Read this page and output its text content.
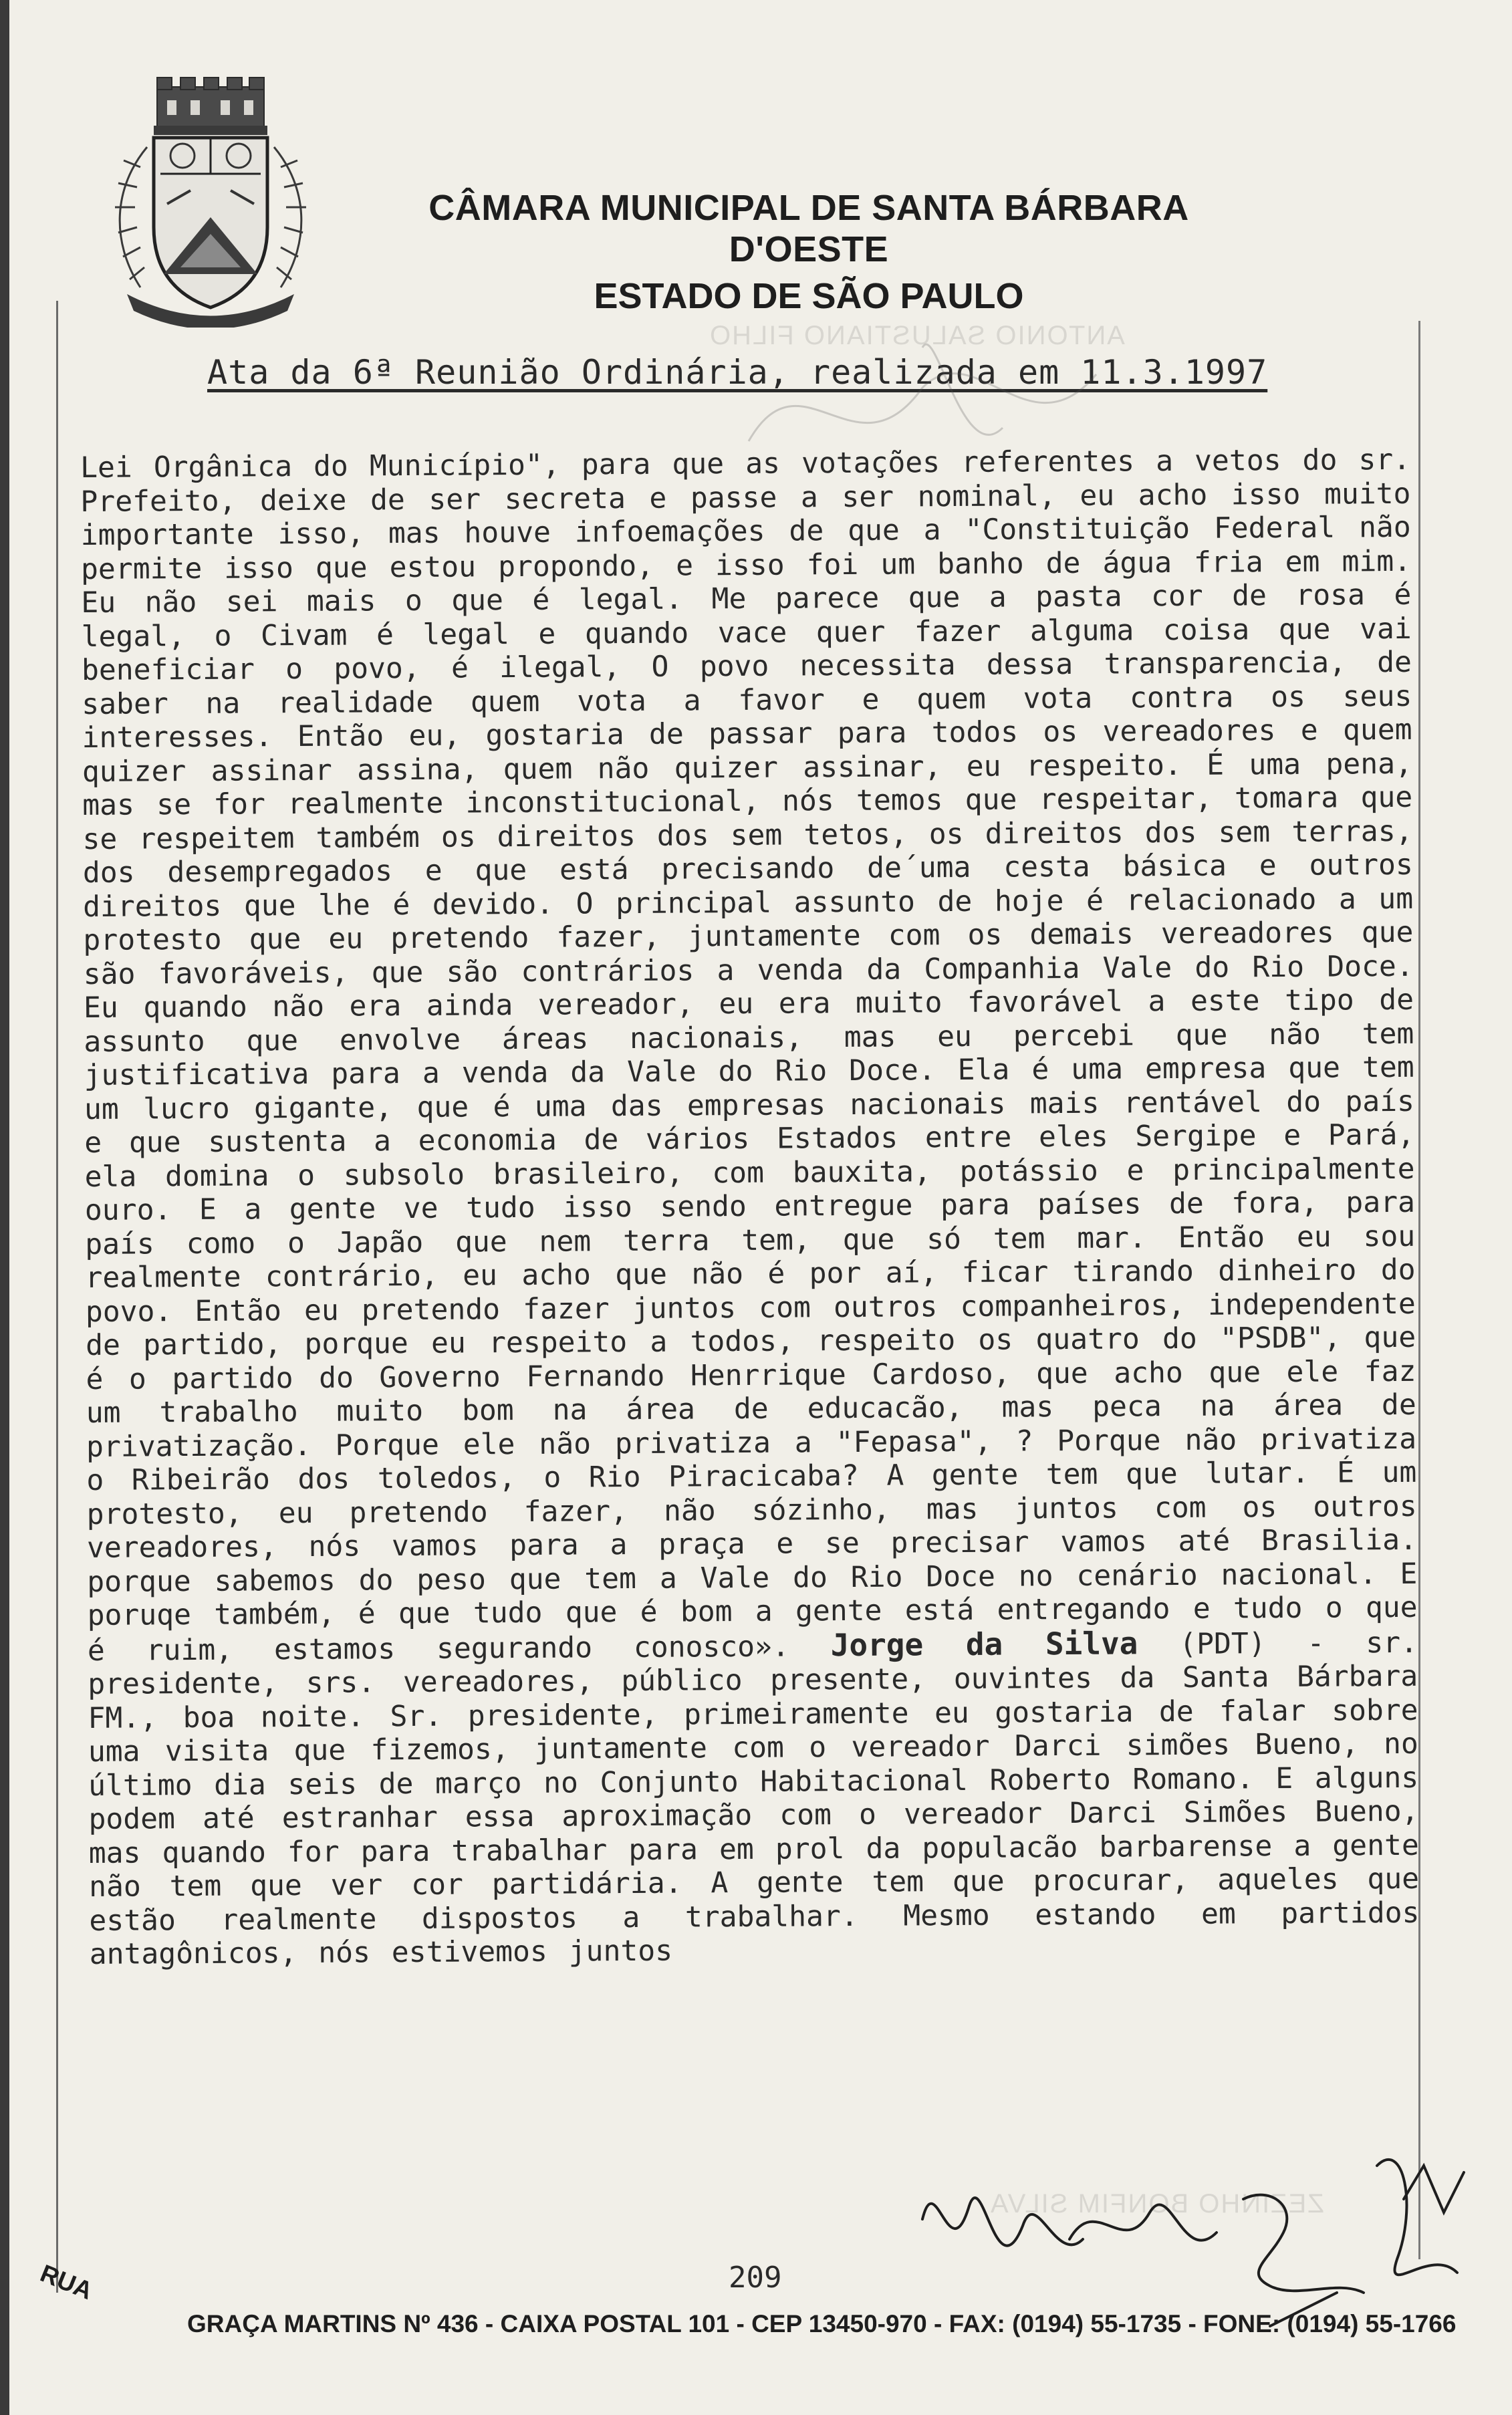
ANTONIO SALUSTIANO FILHO
ZEZINHO BONFIM SILVA
CÂMARA MUNICIPAL DE SANTA BÁRBARA D'OESTE
ESTADO DE SÃO PAULO
Ata da 6ª Reunião Ordinária, realizada em 11.3.1997

Lei Orgânica do Município", para que as votações referentes a vetos do sr. Prefeito, deixe de ser secreta e passe a ser nominal, eu acho isso muito importante isso, mas houve infoemações de que a "Constituição Federal não permite isso que estou propondo, e isso foi um banho de água fria em mim. Eu não sei mais o que é legal. Me parece que a pasta cor de rosa é legal, o Civam é legal e quando vace quer fazer alguma coisa que vai beneficiar o povo, é ilegal, O povo necessita dessa transparencia, de saber na realidade quem vota a favor e quem vota contra os seus interesses. Então eu, gostaria de passar para todos os vereadores e quem quizer assinar assina, quem não quizer assinar, eu respeito. É uma pena, mas se for realmente inconstitucional, nós temos que respeitar, tomara que se respeitem também os direitos dos sem tetos, os direitos dos sem terras, dos desempregados e que está precisando de´uma cesta básica e outros direitos que lhe é devido. O principal assunto de hoje é relacionado a um protesto que eu pretendo fazer, juntamente com os demais vereadores que são favoráveis, que são contrários a venda da Companhia Vale do Rio Doce. Eu quando não era ainda vereador, eu era muito favorável a este tipo de assunto que envolve áreas nacionais, mas eu percebi que não tem justificativa para a venda da Vale do Rio Doce. Ela é uma empresa que tem um lucro gigante, que é uma das empresas nacionais mais rentável do país e que sustenta a economia de vários Estados entre eles Sergipe e Pará, ela domina o subsolo brasileiro, com bauxita, potássio e principalmente ouro. E a gente ve tudo isso sendo entregue para países de fora, para país como o Japão que nem terra tem, que só tem mar. Então eu sou realmente contrário, eu acho que não é por aí, ficar tirando dinheiro do povo. Então eu pretendo fazer juntos com outros companheiros, independente de partido, porque eu respeito a todos, respeito os quatro do "PSDB", que é o partido do Governo Fernando Henrrique Cardoso, que acho que ele faz um trabalho muito bom na área de educacão, mas peca na área de privatização. Porque ele não privatiza a "Fepasa", ? Porque não privatiza o Ribeirão dos toledos, o Rio Piracicaba? A gente tem que lutar. É um protesto, eu pretendo fazer, não sózinho, mas juntos com os outros vereadores, nós vamos para a praça e se precisar vamos até Brasilia. porque sabemos do peso que tem a Vale do Rio Doce no cenário nacional. E poruqe também, é que tudo que é bom a gente está entregando e tudo o que é ruim, estamos segurando conosco». Jorge da Silva (PDT) - sr. presidente, srs. vereadores, público presente, ouvintes da Santa Bárbara FM., boa noite. Sr. presidente, primeiramente eu gostaria de falar sobre uma visita que fizemos, juntamente com o vereador Darci simões Bueno, no último dia seis de março no Conjunto Habitacional Roberto Romano. E alguns podem até estranhar essa aproximação com o vereador Darci Simões Bueno, mas quando for para trabalhar para em prol da populacão barbarense a gente não tem que ver cor partidária. A gente tem que procurar, aqueles que estão realmente dispostos a trabalhar. Mesmo estando em partidos antagônicos, nós estivemos juntos

209
RUA
GRAÇA MARTINS Nº 436 - CAIXA POSTAL 101 - CEP 13450-970 - FAX: (0194) 55-1735 - FONE: (0194) 55-1766
